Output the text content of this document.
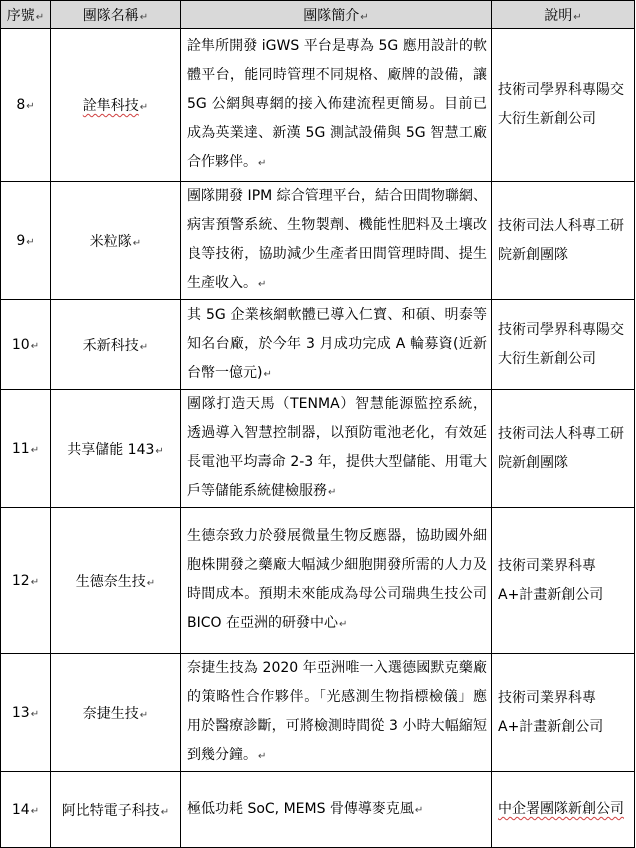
序號↵	團隊名稱↵	團隊簡介↵	說明↵
8↵	詮隼科技↵	詮隼所開發 iGWS 平台是專為 5G 應用設計的軟體平台，能同時管理不同規格、廠牌的設備，讓 5G 公網與專網的接入佈建流程更簡易。目前已成為英業達、新漢 5G 測試設備與 5G 智慧工廠合作夥伴。↵	技術司學界科專陽交大衍生新創公司
9↵	米粒隊↵	團隊開發 IPM 綜合管理平台，結合田間物聯網、病害預警系統、生物製劑、機能性肥料及土壤改良等技術，協助減少生產者田間管理時間、提生生產收入。↵	技術司法人科專工研院新創團隊
10↵	禾新科技↵	其 5G 企業核網軟體已導入仁寶、和碩、明泰等知名台廠，於今年 3 月成功完成 A 輪募資(近新台幣一億元)↵	技術司學界科專陽交大衍生新創公司
11↵	共享儲能 143↵	團隊打造天馬（TENMA）智慧能源監控系統，透過導入智慧控制器，以預防電池老化，有效延長電池平均壽命 2-3 年，提供大型儲能、用電大戶等儲能系統健檢服務↵	技術司法人科專工研院新創團隊
12↵	生德奈生技↵	生德奈致力於發展微量生物反應器，協助國外細胞株開發之藥廠大幅減少細胞開發所需的人力及時間成本。預期未來能成為母公司瑞典生技公司 BICO 在亞洲的研發中心↵	技術司業界科專A+計畫新創公司
13↵	奈捷生技↵	奈捷生技為 2020 年亞洲唯一入選德國默克藥廠的策略性合作夥伴。「光感測生物指標檢儀」應用於醫療診斷，可將檢測時間從 3 小時大幅縮短到幾分鐘。↵	技術司業界科專A+計畫新創公司
14↵	阿比特電子科技↵	極低功耗 SoC, MEMS 骨傳導麥克風↵	中企署團隊新創公司
